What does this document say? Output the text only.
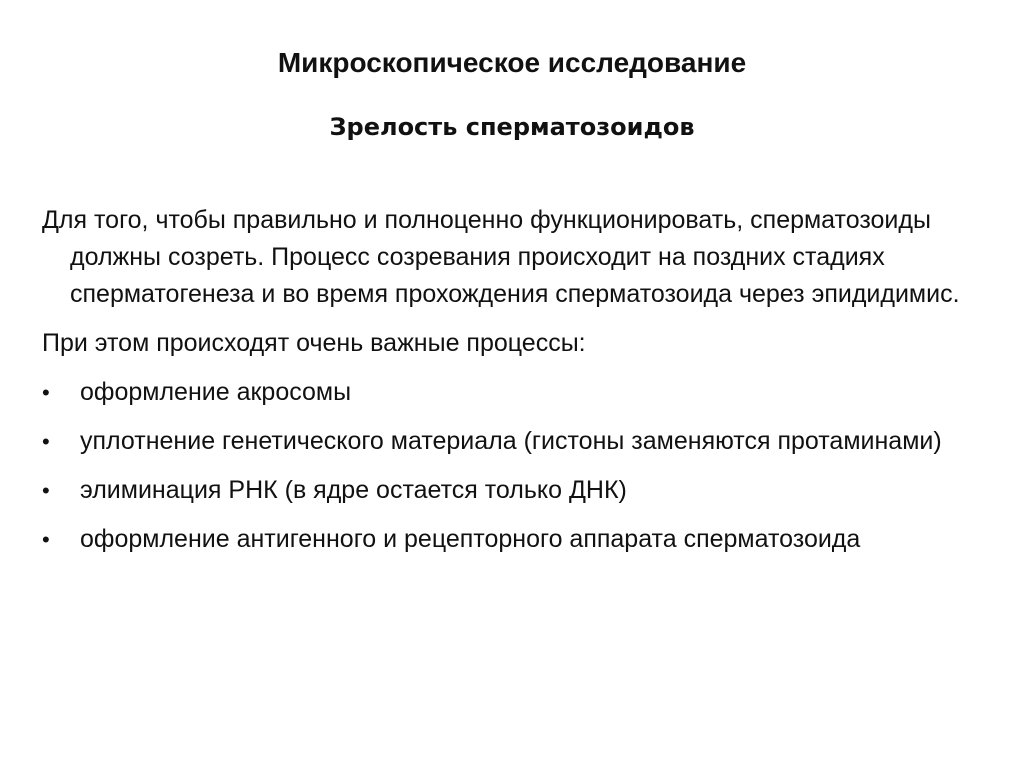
Микроскопическое исследование
Зрелость сперматозоидов

Для того, чтобы правильно и полноценно функционировать, сперматозоиды должны созреть. Процесс созревания происходит на поздних стадиях сперматогенеза и во время прохождения сперматозоида через эпидидимис.

При этом происходят очень важные процессы:

•	оформление акросомы
•	уплотнение генетического материала (гистоны заменяются протаминами)
•	элиминация РНК (в ядре остается только ДНК)
•	оформление антигенного и рецепторного аппарата сперматозоида
